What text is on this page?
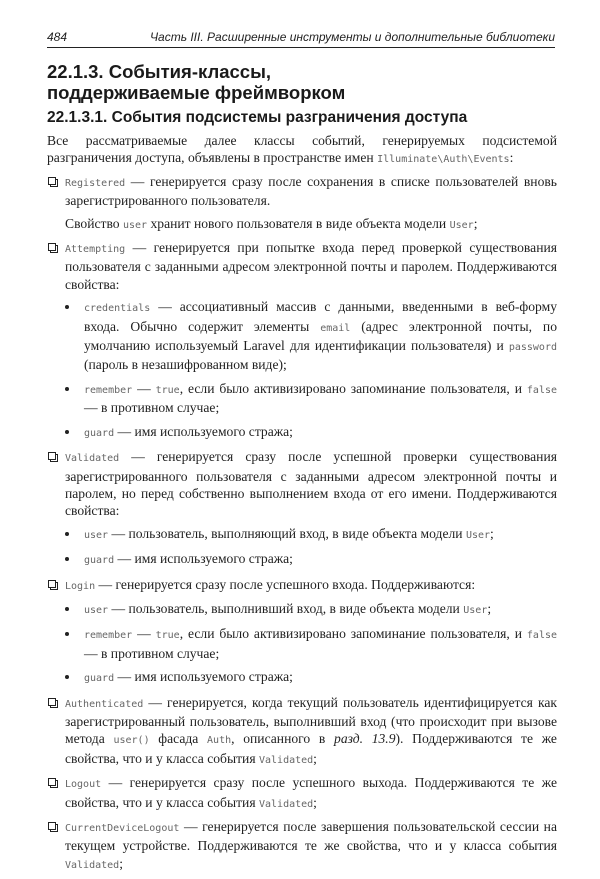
484	Часть III. Расширенные инструменты и дополнительные библиотеки
22.1.3. События-классы,
поддерживаемые фреймворком
22.1.3.1. События подсистемы разграничения доступа

Все рассматриваемые далее классы событий, генерируемых подсистемой разграничения доступа, объявлены в пространстве имен Illuminate\Auth\Events:

Registered — генерируется сразу после сохранения в списке пользователей вновь зарегистрированного пользователя.

Свойство user хранит нового пользователя в виде объекта модели User;

Attempting — генерируется при попытке входа перед проверкой существования пользователя с заданными адресом электронной почты и паролем. Поддерживаются свойства:

credentials — ассоциативный массив с данными, введенными в веб-форму входа. Обычно содержит элементы email (адрес электронной почты, по умолчанию используемый Laravel для идентификации пользователя) и password (пароль в незашифрованном виде);

remember — true, если было активизировано запоминание пользователя, и false — в противном случае;

guard — имя используемого стража;

Validated — генерируется сразу после успешной проверки существования зарегистрированного пользователя с заданными адресом электронной почты и паролем, но перед собственно выполнением входа от его имени. Поддерживаются свойства:

user — пользователь, выполняющий вход, в виде объекта модели User;

guard — имя используемого стража;

Login — генерируется сразу после успешного входа. Поддерживаются:

user — пользователь, выполнивший вход, в виде объекта модели User;

remember — true, если было активизировано запоминание пользователя, и false — в противном случае;

guard — имя используемого стража;

Authenticated — генерируется, когда текущий пользователь идентифицируется как зарегистрированный пользователь, выполнивший вход (что происходит при вызове метода user() фасада Auth, описанного в разд. 13.9). Поддерживаются те же свойства, что и у класса события Validated;

Logout — генерируется сразу после успешного выхода. Поддерживаются те же свойства, что и у класса события Validated;

CurrentDeviceLogout — генерируется после завершения пользовательской сессии на текущем устройстве. Поддерживаются те же свойства, что и у класса события Validated;
